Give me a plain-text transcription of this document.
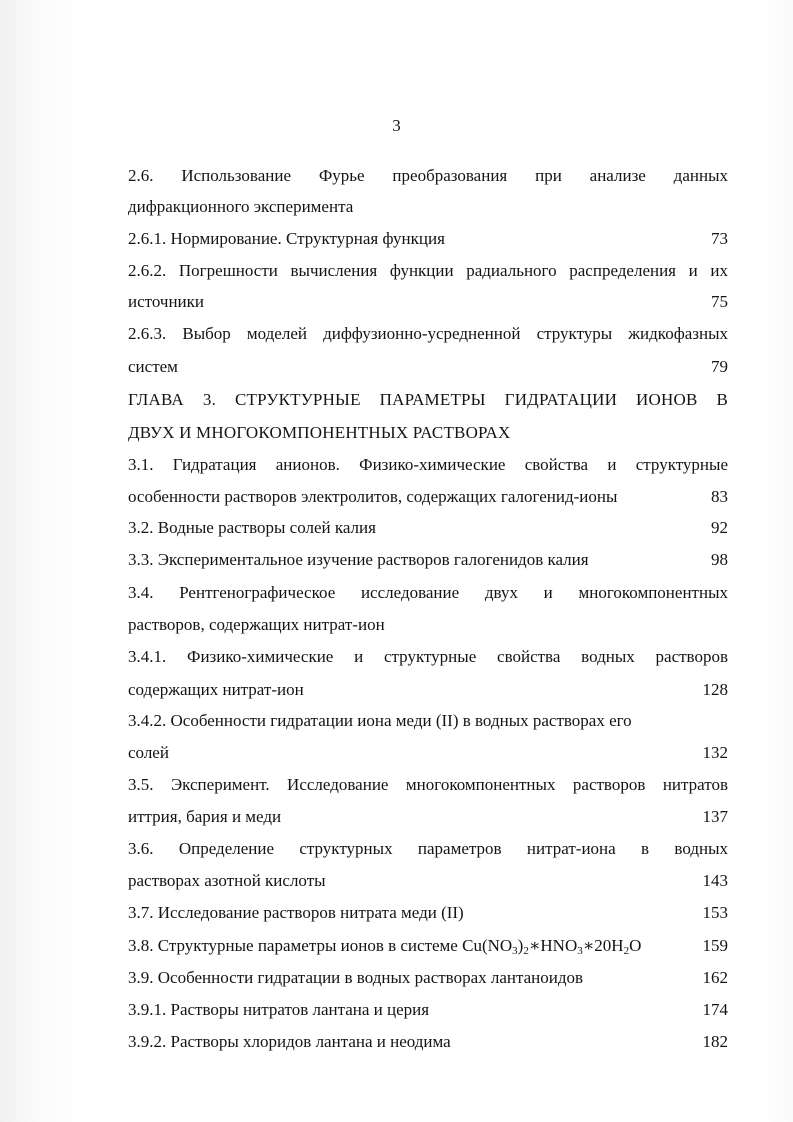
3
2.6. Использование Фурье преобразования при анализе данных
дифракционного эксперимента
2.6.1. Нормирование. Структурная функция	73
2.6.2. Погрешности вычисления функции радиального распределения и их
источники	75
2.6.3. Выбор моделей диффузионно-усредненной структуры жидкофазных
систем	79
ГЛАВА 3. СТРУКТУРНЫЕ ПАРАМЕТРЫ ГИДРАТАЦИИ ИОНОВ В
ДВУХ И МНОГОКОМПОНЕНТНЫХ РАСТВОРАХ
3.1. Гидратация анионов. Физико-химические свойства и структурные
особенности растворов электролитов, содержащих галогенид-ионы	83
3.2. Водные растворы солей калия	92
3.3. Экспериментальное изучение растворов галогенидов калия	98
3.4. Рентгенографическое исследование двух и многокомпонентных
растворов, содержащих нитрат-ион
3.4.1. Физико-химические и структурные свойства водных растворов
содержащих нитрат-ион	128
3.4.2. Особенности гидратации иона меди (II) в водных растворах его
солей	132
3.5. Эксперимент. Исследование многокомпонентных растворов нитратов
иттрия, бария и меди	137
3.6. Определение структурных параметров нитрат-иона в водных
растворах азотной кислоты	143
3.7. Исследование растворов нитрата меди (II)	153
3.8. Структурные параметры ионов в системе $Cu(NO_3)_2∗HNO_3∗20H_2O$	159
3.9. Особенности гидратации в водных растворах лантаноидов	162
3.9.1. Растворы нитратов лантана и церия	174
3.9.2. Растворы хлоридов лантана и неодима	182
